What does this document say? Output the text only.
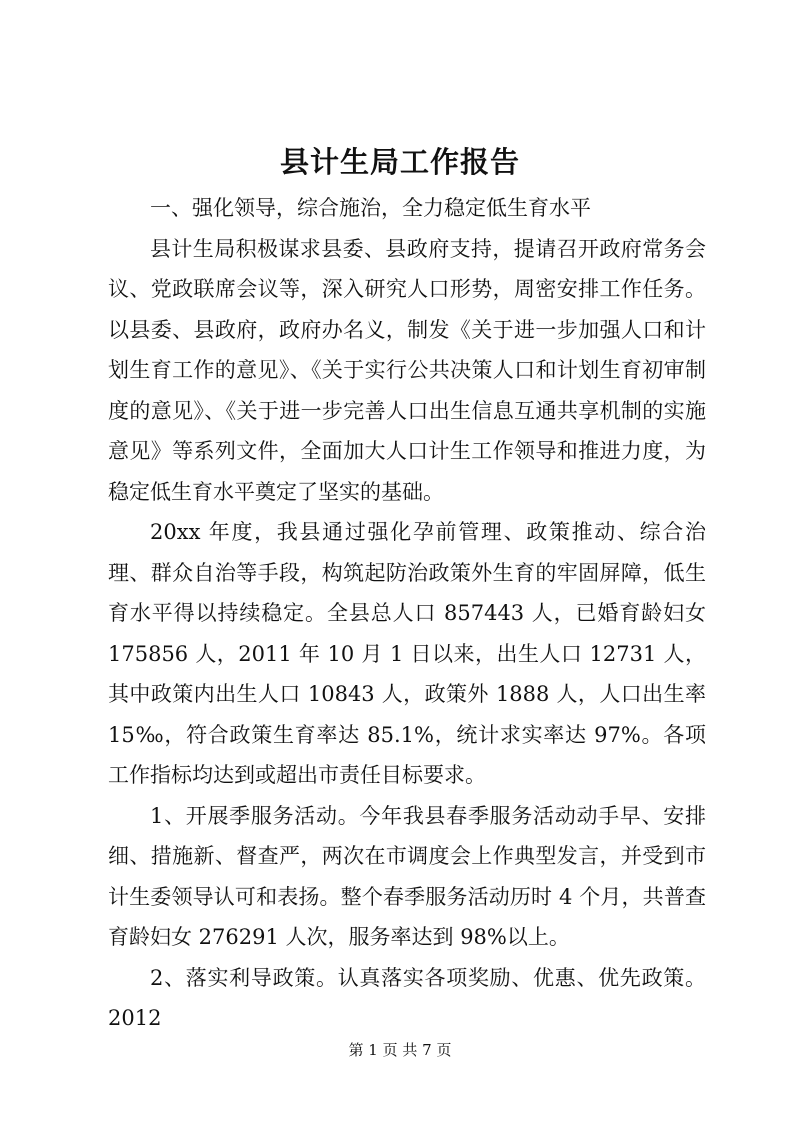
县计生局工作报告

一、强化领导，综合施治，全力稳定低生育水平

县计生局积极谋求县委、县政府支持，提请召开政府常务会议、党政联席会议等，深入研究人口形势，周密安排工作任务。以县委、县政府，政府办名义，制发《关于进一步加强人口和计划生育工作的意见》、《关于实行公共决策人口和计划生育初审制度的意见》、《关于进一步完善人口出生信息互通共享机制的实施意见》等系列文件，全面加大人口计生工作领导和推进力度，为稳定低生育水平奠定了坚实的基础。

20xx 年度，我县通过强化孕前管理、政策推动、综合治理、群众自治等手段，构筑起防治政策外生育的牢固屏障，低生育水平得以持续稳定。全县总人口 857443 人，已婚育龄妇女 175856 人，2011 年 10 月 1 日以来，出生人口 12731 人，其中政策内出生人口 10843 人，政策外 1888 人，人口出生率 15‰，符合政策生育率达 85.1%，统计求实率达 97%。各项工作指标均达到或超出市责任目标要求。

1、开展季服务活动。今年我县春季服务活动动手早、安排细、措施新、督查严，两次在市调度会上作典型发言，并受到市计生委领导认可和表扬。整个春季服务活动历时 4 个月，共普查育龄妇女 276291 人次，服务率达到 98%以上。

2、落实利导政策。认真落实各项奖励、优惠、优先政策。2012

第 1 页 共 7 页
